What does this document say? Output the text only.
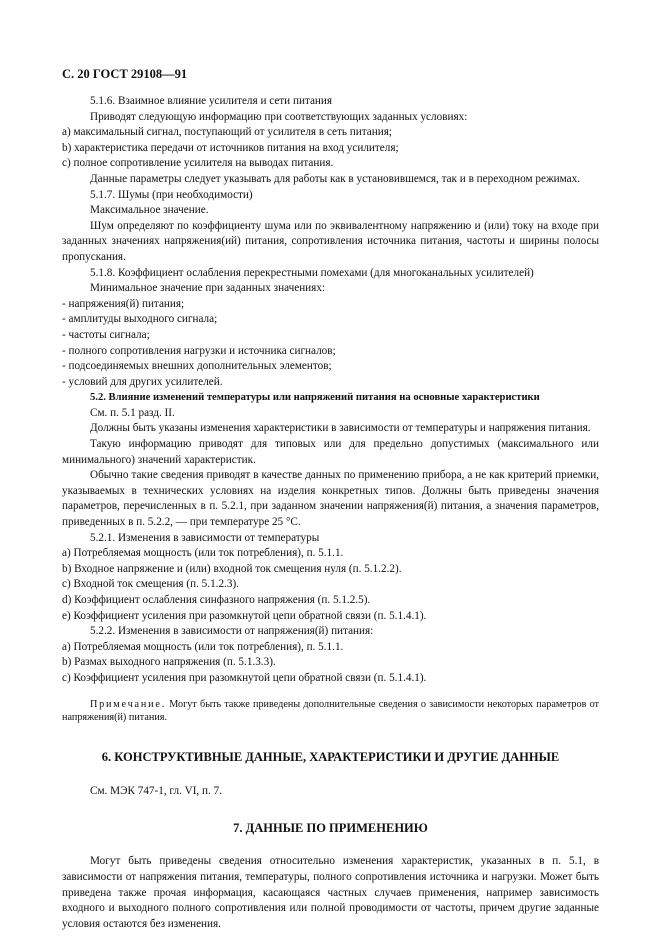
С. 20 ГОСТ 29108—91

5.1.6. Взаимное влияние усилителя и сети питания

Приводят следующую информацию при соответствующих заданных условиях:

а) максимальный сигнал, поступающий от усилителя в сеть питания;

b) характеристика передачи от источников питания на вход усилителя;

с) полное сопротивление усилителя на выводах питания.

Данные параметры следует указывать для работы как в установившемся, так и в переходном режимах.

5.1.7. Шумы (при необходимости)

Максимальное значение.

Шум определяют по коэффициенту шума или по эквивалентному напряжению и (или) току на входе при заданных значениях напряжения(ий) питания, сопротивления источника питания, частоты и ширины полосы пропускания.

5.1.8. Коэффициент ослабления перекрестными помехами (для многоканальных усилителей)

Минимальное значение при заданных значениях:

- напряжения(й) питания;

- амплитуды выходного сигнала;

- частоты сигнала;

- полного сопротивления нагрузки и источника сигналов;

- подсоединяемых внешних дополнительных элементов;

- условий для других усилителей.

5.2. Влияние изменений температуры или напряжений питания на основные характеристики

См. п. 5.1 разд. II.

Должны быть указаны изменения характеристики в зависимости от температуры и напряжения питания.

Такую информацию приводят для типовых или для предельно допустимых (максимального или минимального) значений характеристик.

Обычно такие сведения приводят в качестве данных по применению прибора, а не как критерий приемки, указываемых в технических условиях на изделия конкретных типов. Должны быть приведены значения параметров, перечисленных в п. 5.2.1, при заданном значении напряжения(й) питания, а значения параметров, приведенных в п. 5.2.2, — при температуре 25 °С.

5.2.1. Изменения в зависимости от температуры

а) Потребляемая мощность (или ток потребления), п. 5.1.1.

b) Входное напряжение и (или) входной ток смещения нуля (п. 5.1.2.2).

с) Входной ток смещения (п. 5.1.2.3).

d) Коэффициент ослабления синфазного напряжения (п. 5.1.2.5).

е) Коэффициент усиления при разомкнутой цепи обратной связи (п. 5.1.4.1).

5.2.2. Изменения в зависимости от напряжения(й) питания:

а) Потребляемая мощность (или ток потребления), п. 5.1.1.

b) Размах выходного напряжения (п. 5.1.3.3).

с) Коэффициент усиления при разомкнутой цепи обратной связи (п. 5.1.4.1).

Примечание. Могут быть также приведены дополнительные сведения о зависимости некоторых параметров от напряжения(й) питания.

6. КОНСТРУКТИВНЫЕ ДАННЫЕ, ХАРАКТЕРИСТИКИ И ДРУГИЕ ДАННЫЕ

См. МЭК 747-1, гл. VI, п. 7.

7. ДАННЫЕ ПО ПРИМЕНЕНИЮ

Могут быть приведены сведения относительно изменения характеристик, указанных в п. 5.1, в зависимости от напряжения питания, температуры, полного сопротивления источника и нагрузки. Может быть приведена также прочая информация, касающаяся частных случаев применения, например зависимость входного и выходного полного сопротивления или полной проводимости от частоты, причем другие заданные условия остаются без изменения.
